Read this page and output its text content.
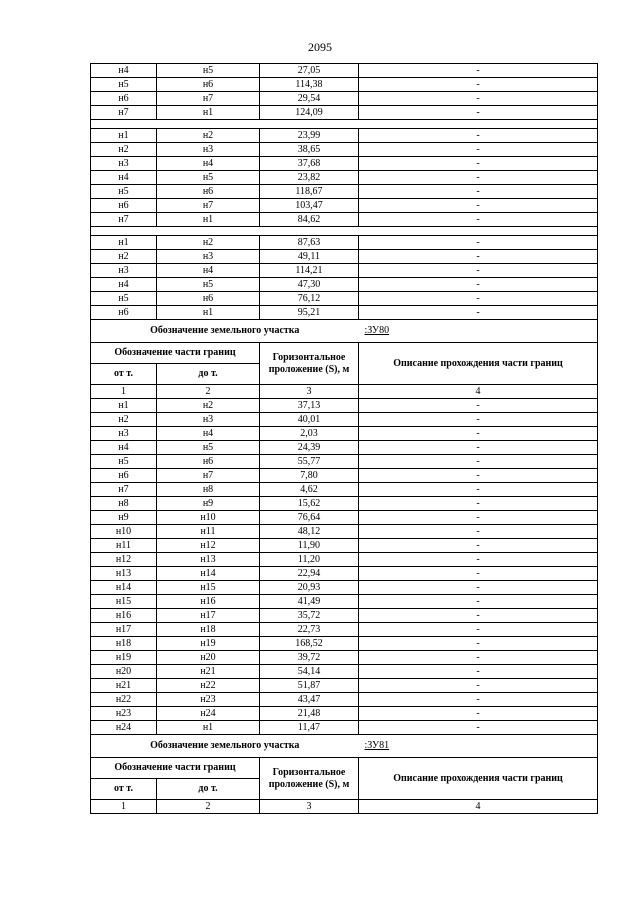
2095
н4	н5	27,05	-
н5	н6	114,38	-
н6	н7	29,54	-
н7	н1	124,09	-

н1	н2	23,99	-
н2	н3	38,65	-
н3	н4	37,68	-
н4	н5	23,82	-
н5	н6	118,67	-
н6	н7	103,47	-
н7	н1	84,62	-

н1	н2	87,63	-
н2	н3	49,11	-
н3	н4	114,21	-
н4	н5	47,30	-
н5	н6	76,12	-
н6	н1	95,21	-
Обозначение земельного участка			:ЗУ80
Обозначение части границ		Горизонтальное проложение (S), м	Описание прохождения части границ
от т.	до т.		
1	2	3	4
н1	н2	37,13	-
н2	н3	40,01	-
н3	н4	2,03	-
н4	н5	24,39	-
н5	н6	55,77	-
н6	н7	7,80	-
н7	н8	4,62	-
н8	н9	15,62	-
н9	н10	76,64	-
н10	н11	48,12	-
н11	н12	11,90	-
н12	н13	11,20	-
н13	н14	22,94	-
н14	н15	20,93	-
н15	н16	41,49	-
н16	н17	35,72	-
н17	н18	22,73	-
н18	н19	168,52	-
н19	н20	39,72	-
н20	н21	54,14	-
н21	н22	51,87	-
н22	н23	43,47	-
н23	н24	21,48	-
н24	н1	11,47	-
Обозначение земельного участка			:ЗУ81
Обозначение части границ		Горизонтальное проложение (S), м	Описание прохождения части границ
от т.	до т.		
1	2	3	4
